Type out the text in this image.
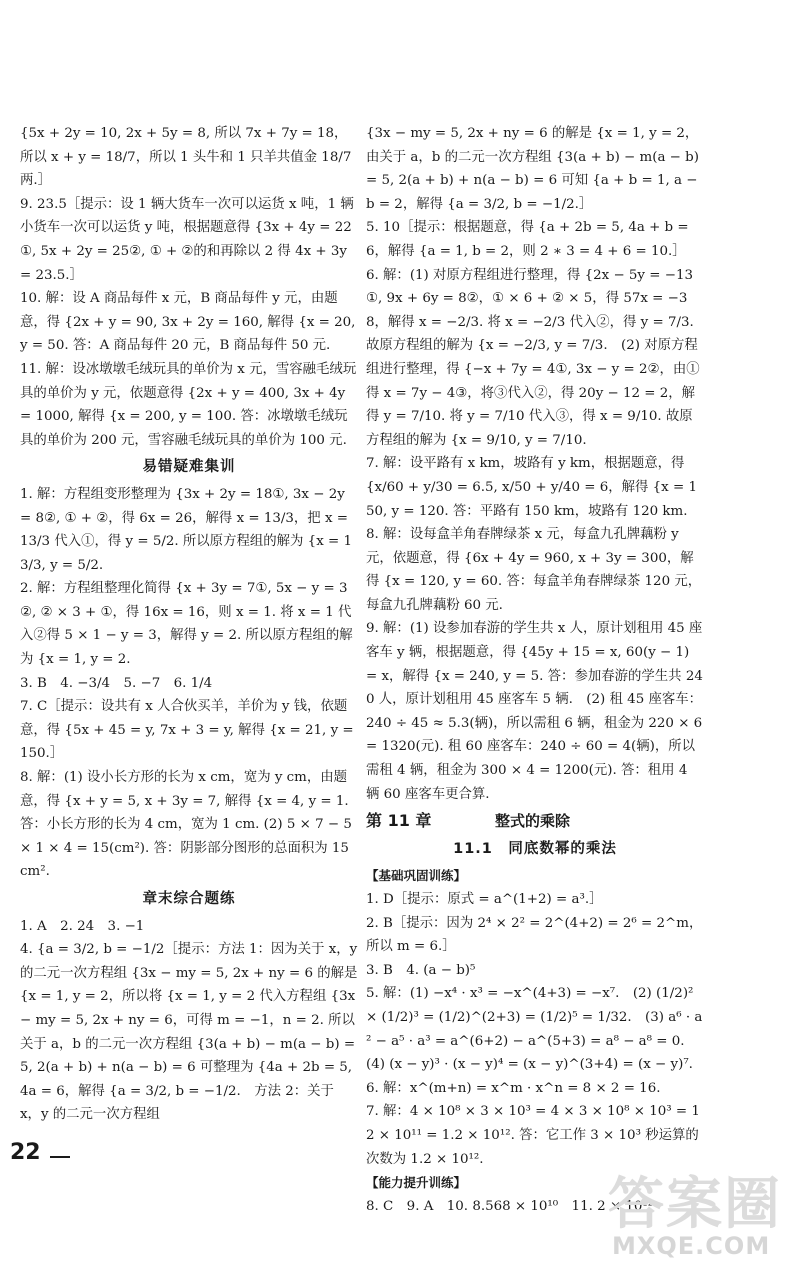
{5x + 2y = 10, 2x + 5y = 8, 所以 7x + 7y = 18，所以 x + y = 18/7，所以 1 头牛和 1 只羊共值金 18/7 两.］

9. 23.5［提示：设 1 辆大货车一次可以运货 x 吨，1 辆小货车一次可以运货 y 吨，根据题意得 {3x + 4y = 22①, 5x + 2y = 25②, ① + ②的和再除以 2 得 4x + 3y = 23.5.］

10. 解：设 A 商品每件 x 元，B 商品每件 y 元，由题意，得 {2x + y = 90, 3x + 2y = 160, 解得 {x = 20, y = 50. 答：A 商品每件 20 元，B 商品每件 50 元.

11. 解：设冰墩墩毛绒玩具的单价为 x 元，雪容融毛绒玩具的单价为 y 元，依题意得 {2x + y = 400, 3x + 4y = 1000, 解得 {x = 200, y = 100. 答：冰墩墩毛绒玩具的单价为 200 元，雪容融毛绒玩具的单价为 100 元.

易错疑难集训

1. 解：方程组变形整理为 {3x + 2y = 18①, 3x − 2y = 8②, ① + ②，得 6x = 26，解得 x = 13/3，把 x = 13/3 代入①，得 y = 5/2. 所以原方程组的解为 {x = 13/3, y = 5/2.

2. 解：方程组整理化简得 {x + 3y = 7①, 5x − y = 3②, ② × 3 + ①，得 16x = 16，则 x = 1. 将 x = 1 代入②得 5 × 1 − y = 3，解得 y = 2. 所以原方程组的解为 {x = 1, y = 2.

3. B　4. −3/4　5. −7　6. 1/4

7. C［提示：设共有 x 人合伙买羊，羊价为 y 钱，依题意，得 {5x + 45 = y, 7x + 3 = y, 解得 {x = 21, y = 150.］

8. 解：(1) 设小长方形的长为 x cm，宽为 y cm，由题意，得 {x + y = 5, x + 3y = 7, 解得 {x = 4, y = 1. 答：小长方形的长为 4 cm，宽为 1 cm. (2) 5 × 7 − 5 × 1 × 4 = 15(cm²). 答：阴影部分图形的总面积为 15 cm².

章末综合题练

1. A　2. 24　3. −1

4. {a = 3/2, b = −1/2［提示：方法 1：因为关于 x，y 的二元一次方程组 {3x − my = 5, 2x + ny = 6 的解是 {x = 1, y = 2，所以将 {x = 1, y = 2 代入方程组 {3x − my = 5, 2x + ny = 6，可得 m = −1，n = 2. 所以关于 a，b 的二元一次方程组 {3(a + b) − m(a − b) = 5, 2(a + b) + n(a − b) = 6 可整理为 {4a + 2b = 5, 4a = 6，解得 {a = 3/2, b = −1/2.　方法 2：关于 x，y 的二元一次方程组

{3x − my = 5, 2x + ny = 6 的解是 {x = 1, y = 2，由关于 a，b 的二元一次方程组 {3(a + b) − m(a − b) = 5, 2(a + b) + n(a − b) = 6 可知 {a + b = 1, a − b = 2，解得 {a = 3/2, b = −1/2.］

5. 10［提示：根据题意，得 {a + 2b = 5, 4a + b = 6，解得 {a = 1, b = 2，则 2 ∗ 3 = 4 + 6 = 10.］

6. 解：(1) 对原方程组进行整理，得 {2x − 5y = −13①, 9x + 6y = 8②，① × 6 + ② × 5，得 57x = −38，解得 x = −2/3. 将 x = −2/3 代入②，得 y = 7/3. 故原方程组的解为 {x = −2/3, y = 7/3.　(2) 对原方程组进行整理，得 {−x + 7y = 4①, 3x − y = 2②，由①得 x = 7y − 4③，将③代入②，得 20y − 12 = 2，解得 y = 7/10. 将 y = 7/10 代入③，得 x = 9/10. 故原方程组的解为 {x = 9/10, y = 7/10.

7. 解：设平路有 x km，坡路有 y km，根据题意，得 {x/60 + y/30 = 6.5, x/50 + y/40 = 6，解得 {x = 150, y = 120. 答：平路有 150 km，坡路有 120 km.

8. 解：设每盒羊角春牌绿茶 x 元，每盒九孔牌藕粉 y 元，依题意，得 {6x + 4y = 960, x + 3y = 300，解得 {x = 120, y = 60. 答：每盒羊角春牌绿茶 120 元，每盒九孔牌藕粉 60 元.

9. 解：(1) 设参加春游的学生共 x 人，原计划租用 45 座客车 y 辆，根据题意，得 {45y + 15 = x, 60(y − 1) = x，解得 {x = 240, y = 5. 答：参加春游的学生共 240 人，原计划租用 45 座客车 5 辆.　(2) 租 45 座客车：240 ÷ 45 ≈ 5.3(辆)，所以需租 6 辆，租金为 220 × 6 = 1320(元). 租 60 座客车：240 ÷ 60 = 4(辆)，所以需租 4 辆，租金为 300 × 4 = 1200(元). 答：租用 4 辆 60 座客车更合算.

第 11 章	整式的乘除
11.1　同底数幂的乘法

【基础巩固训练】

1. D［提示：原式 = a^(1+2) = a³.］

2. B［提示：因为 2⁴ × 2² = 2^(4+2) = 2⁶ = 2^m，所以 m = 6.］

3. B　4. (a − b)⁵

5. 解：(1) −x⁴ · x³ = −x^(4+3) = −x⁷.　(2) (1/2)² × (1/2)³ = (1/2)^(2+3) = (1/2)⁵ = 1/32.　(3) a⁶ · a² − a⁵ · a³ = a^(6+2) − a^(5+3) = a⁸ − a⁸ = 0.　(4) (x − y)³ · (x − y)⁴ = (x − y)^(3+4) = (x − y)⁷.

6. 解：x^(m+n) = x^m · x^n = 8 × 2 = 16.

7. 解：4 × 10⁸ × 3 × 10³ = 4 × 3 × 10⁸ × 10³ = 12 × 10¹¹ = 1.2 × 10¹². 答：它工作 3 × 10³ 秒运算的次数为 1.2 × 10¹².

【能力提升训练】

8. C　9. A　10. 8.568 × 10¹⁰　11. 2 × 10¹²

22
答案圈
MXQE.COM
